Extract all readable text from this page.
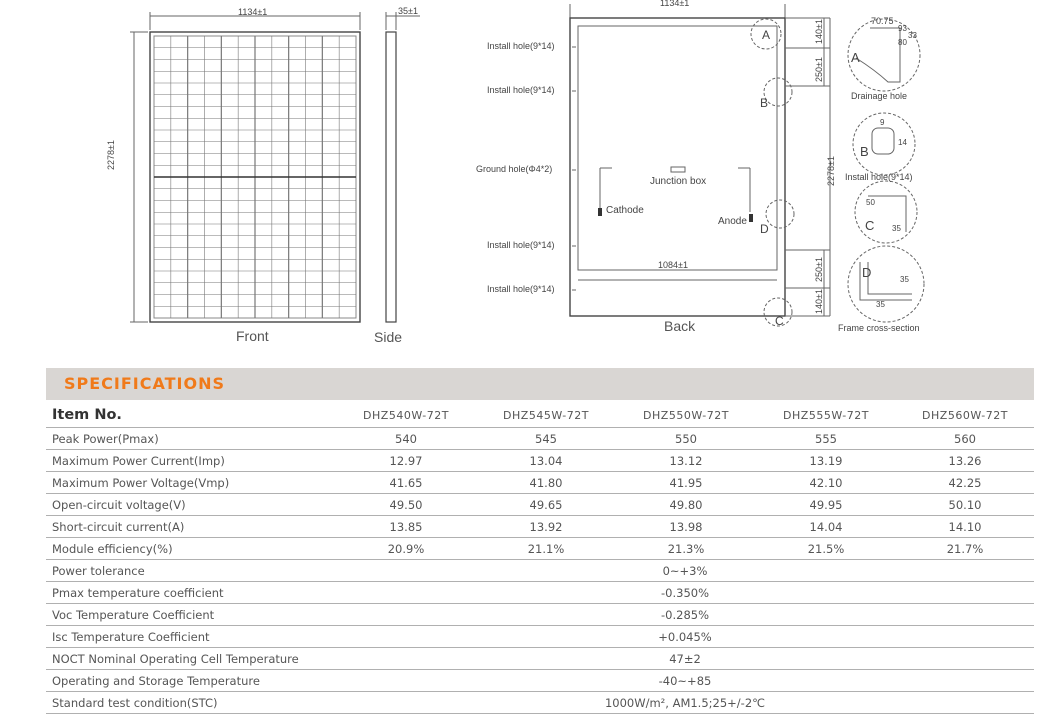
1134±1
2278±1
Front
35±1
Side
1134±1
Install hole(9*14)
Install hole(9*14)
Ground hole(Φ4*2)
Install hole(9*14)
Install hole(9*14)
Junction box
Cathode
Anode
1084±1
140±1
250±1
2278±1
250±1
140±1
A
B
D
C
Back
70.75
93
33
80
A
Drainage hole
9
14
B
Install hole(9*14)
50
35
C
35
35
D
Frame cross-section
SPECIFICATIONS
Item No.	DHZ540W-72T	DHZ545W-72T	DHZ550W-72T	DHZ555W-72T	DHZ560W-72T
Peak Power(Pmax)	540	545	550	555	560
Maximum Power Current(Imp)	12.97	13.04	13.12	13.19	13.26
Maximum Power Voltage(Vmp)	41.65	41.80	41.95	42.10	42.25
Open-circuit voltage(V)	49.50	49.65	49.80	49.95	50.10
Short-circuit current(A)	13.85	13.92	13.98	14.04	14.10
Module efficiency(%)	20.9%	21.1%	21.3%	21.5%	21.7%
Power tolerance	0~+3%				
Pmax temperature coefficient	-0.350%				
Voc Temperature Coefficient	-0.285%				
Isc Temperature Coefficient	+0.045%				
NOCT Nominal Operating Cell Temperature	47±2				
Operating and Storage Temperature	-40~+85				
Standard test condition(STC)	1000W/m², AM1.5;25+/-2℃				
